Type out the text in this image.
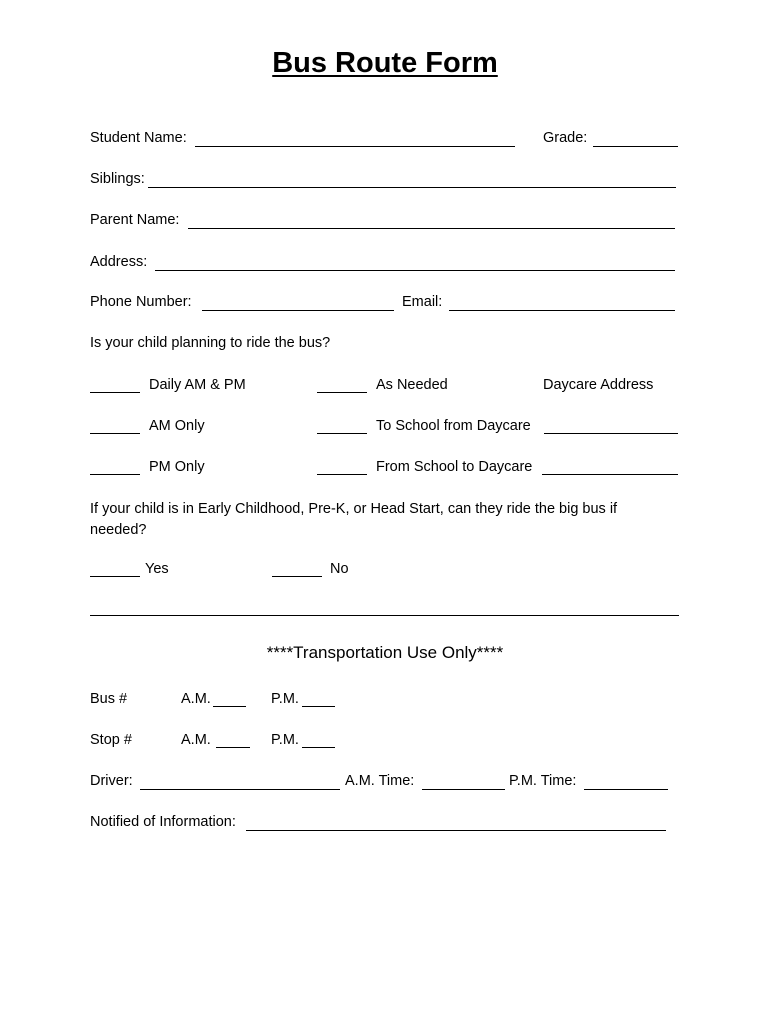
Bus Route Form
Student Name:	Grade:
Siblings:
Parent Name:
Address:
Phone Number:	Email:
Is your child planning to ride the bus?
Daily AM & PM	As Needed	Daycare Address
AM Only	To School from Daycare
PM Only	From School to Daycare
If your child is in Early Childhood, Pre-K, or Head Start, can they ride the big bus if needed?
Yes	No
****Transportation Use Only****
Bus #	A.M.	P.M.
Stop #	A.M.	P.M.
Driver:	A.M. Time:	P.M. Time:
Notified of Information:
